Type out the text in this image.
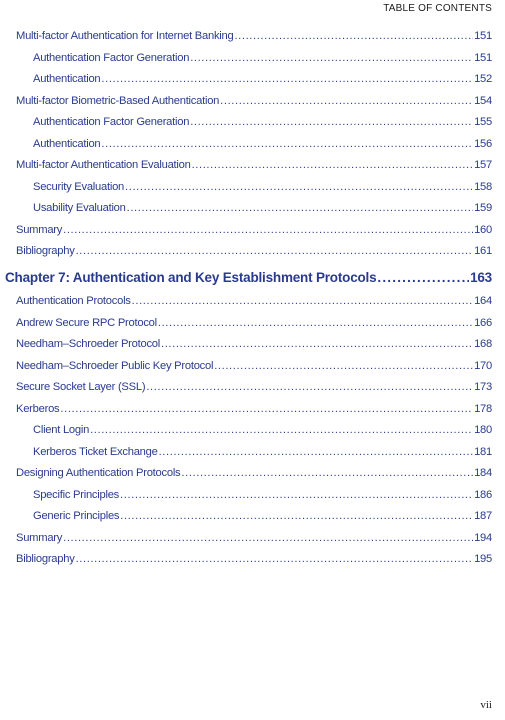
TABLE OF CONTENTS
Multi-factor Authentication for Internet Banking .....	151
Authentication Factor Generation .....	151
Authentication .....	152
Multi-factor Biometric-Based Authentication .....	154
Authentication Factor Generation .....	155
Authentication .....	156
Multi-factor Authentication Evaluation .....	157
Security Evaluation .....	158
Usability Evaluation .....	159
Summary .....	160
Bibliography .....	161
Chapter 7: Authentication and Key Establishment Protocols .....	163
Authentication Protocols .....	164
Andrew Secure RPC Protocol .....	166
Needham–Schroeder Protocol .....	168
Needham–Schroeder Public Key Protocol .....	170
Secure Socket Layer (SSL) .....	173
Kerberos .....	178
Client Login .....	180
Kerberos Ticket Exchange .....	181
Designing Authentication Protocols .....	184
Specific Principles .....	186
Generic Principles .....	187
Summary .....	194
Bibliography .....	195
vii
